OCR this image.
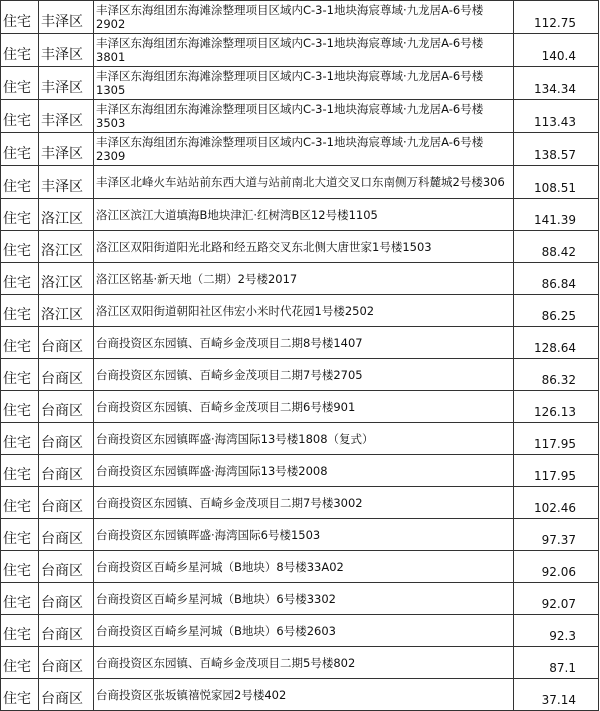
住宅	丰泽区	丰泽区东海组团东海滩涂整理项目区域内C-3-1地块海宸尊域·九龙居A-6号楼2902	112.75
住宅	丰泽区	丰泽区东海组团东海滩涂整理项目区域内C-3-1地块海宸尊域·九龙居A-6号楼3801	140.4
住宅	丰泽区	丰泽区东海组团东海滩涂整理项目区域内C-3-1地块海宸尊域·九龙居A-6号楼1305	134.34
住宅	丰泽区	丰泽区东海组团东海滩涂整理项目区域内C-3-1地块海宸尊域·九龙居A-6号楼3503	113.43
住宅	丰泽区	丰泽区东海组团东海滩涂整理项目区域内C-3-1地块海宸尊域·九龙居A-6号楼2309	138.57
住宅	丰泽区	丰泽区北峰火车站站前东西大道与站前南北大道交叉口东南侧万科麓城2号楼306	108.51
住宅	洛江区	洛江区滨江大道填海B地块津汇·红树湾B区12号楼1105	141.39
住宅	洛江区	洛江区双阳街道阳光北路和经五路交叉东北侧大唐世家1号楼1503	88.42
住宅	洛江区	洛江区铭基·新天地（二期）2号楼2017	86.84
住宅	洛江区	洛江区双阳街道朝阳社区伟宏小米时代花园1号楼2502	86.25
住宅	台商区	台商投资区东园镇、百崎乡金茂项目二期8号楼1407	128.64
住宅	台商区	台商投资区东园镇、百崎乡金茂项目二期7号楼2705	86.32
住宅	台商区	台商投资区东园镇、百崎乡金茂项目二期6号楼901	126.13
住宅	台商区	台商投资区东园镇晖盛·海湾国际13号楼1808（复式）	117.95
住宅	台商区	台商投资区东园镇晖盛·海湾国际13号楼2008	117.95
住宅	台商区	台商投资区东园镇、百崎乡金茂项目二期7号楼3002	102.46
住宅	台商区	台商投资区东园镇晖盛·海湾国际6号楼1503	97.37
住宅	台商区	台商投资区百崎乡星河城（B地块）8号楼33A02	92.06
住宅	台商区	台商投资区百崎乡星河城（B地块）6号楼3302	92.07
住宅	台商区	台商投资区百崎乡星河城（B地块）6号楼2603	92.3
住宅	台商区	台商投资区东园镇、百崎乡金茂项目二期5号楼802	87.1
住宅	台商区	台商投资区张坂镇禧悦家园2号楼402	37.14
